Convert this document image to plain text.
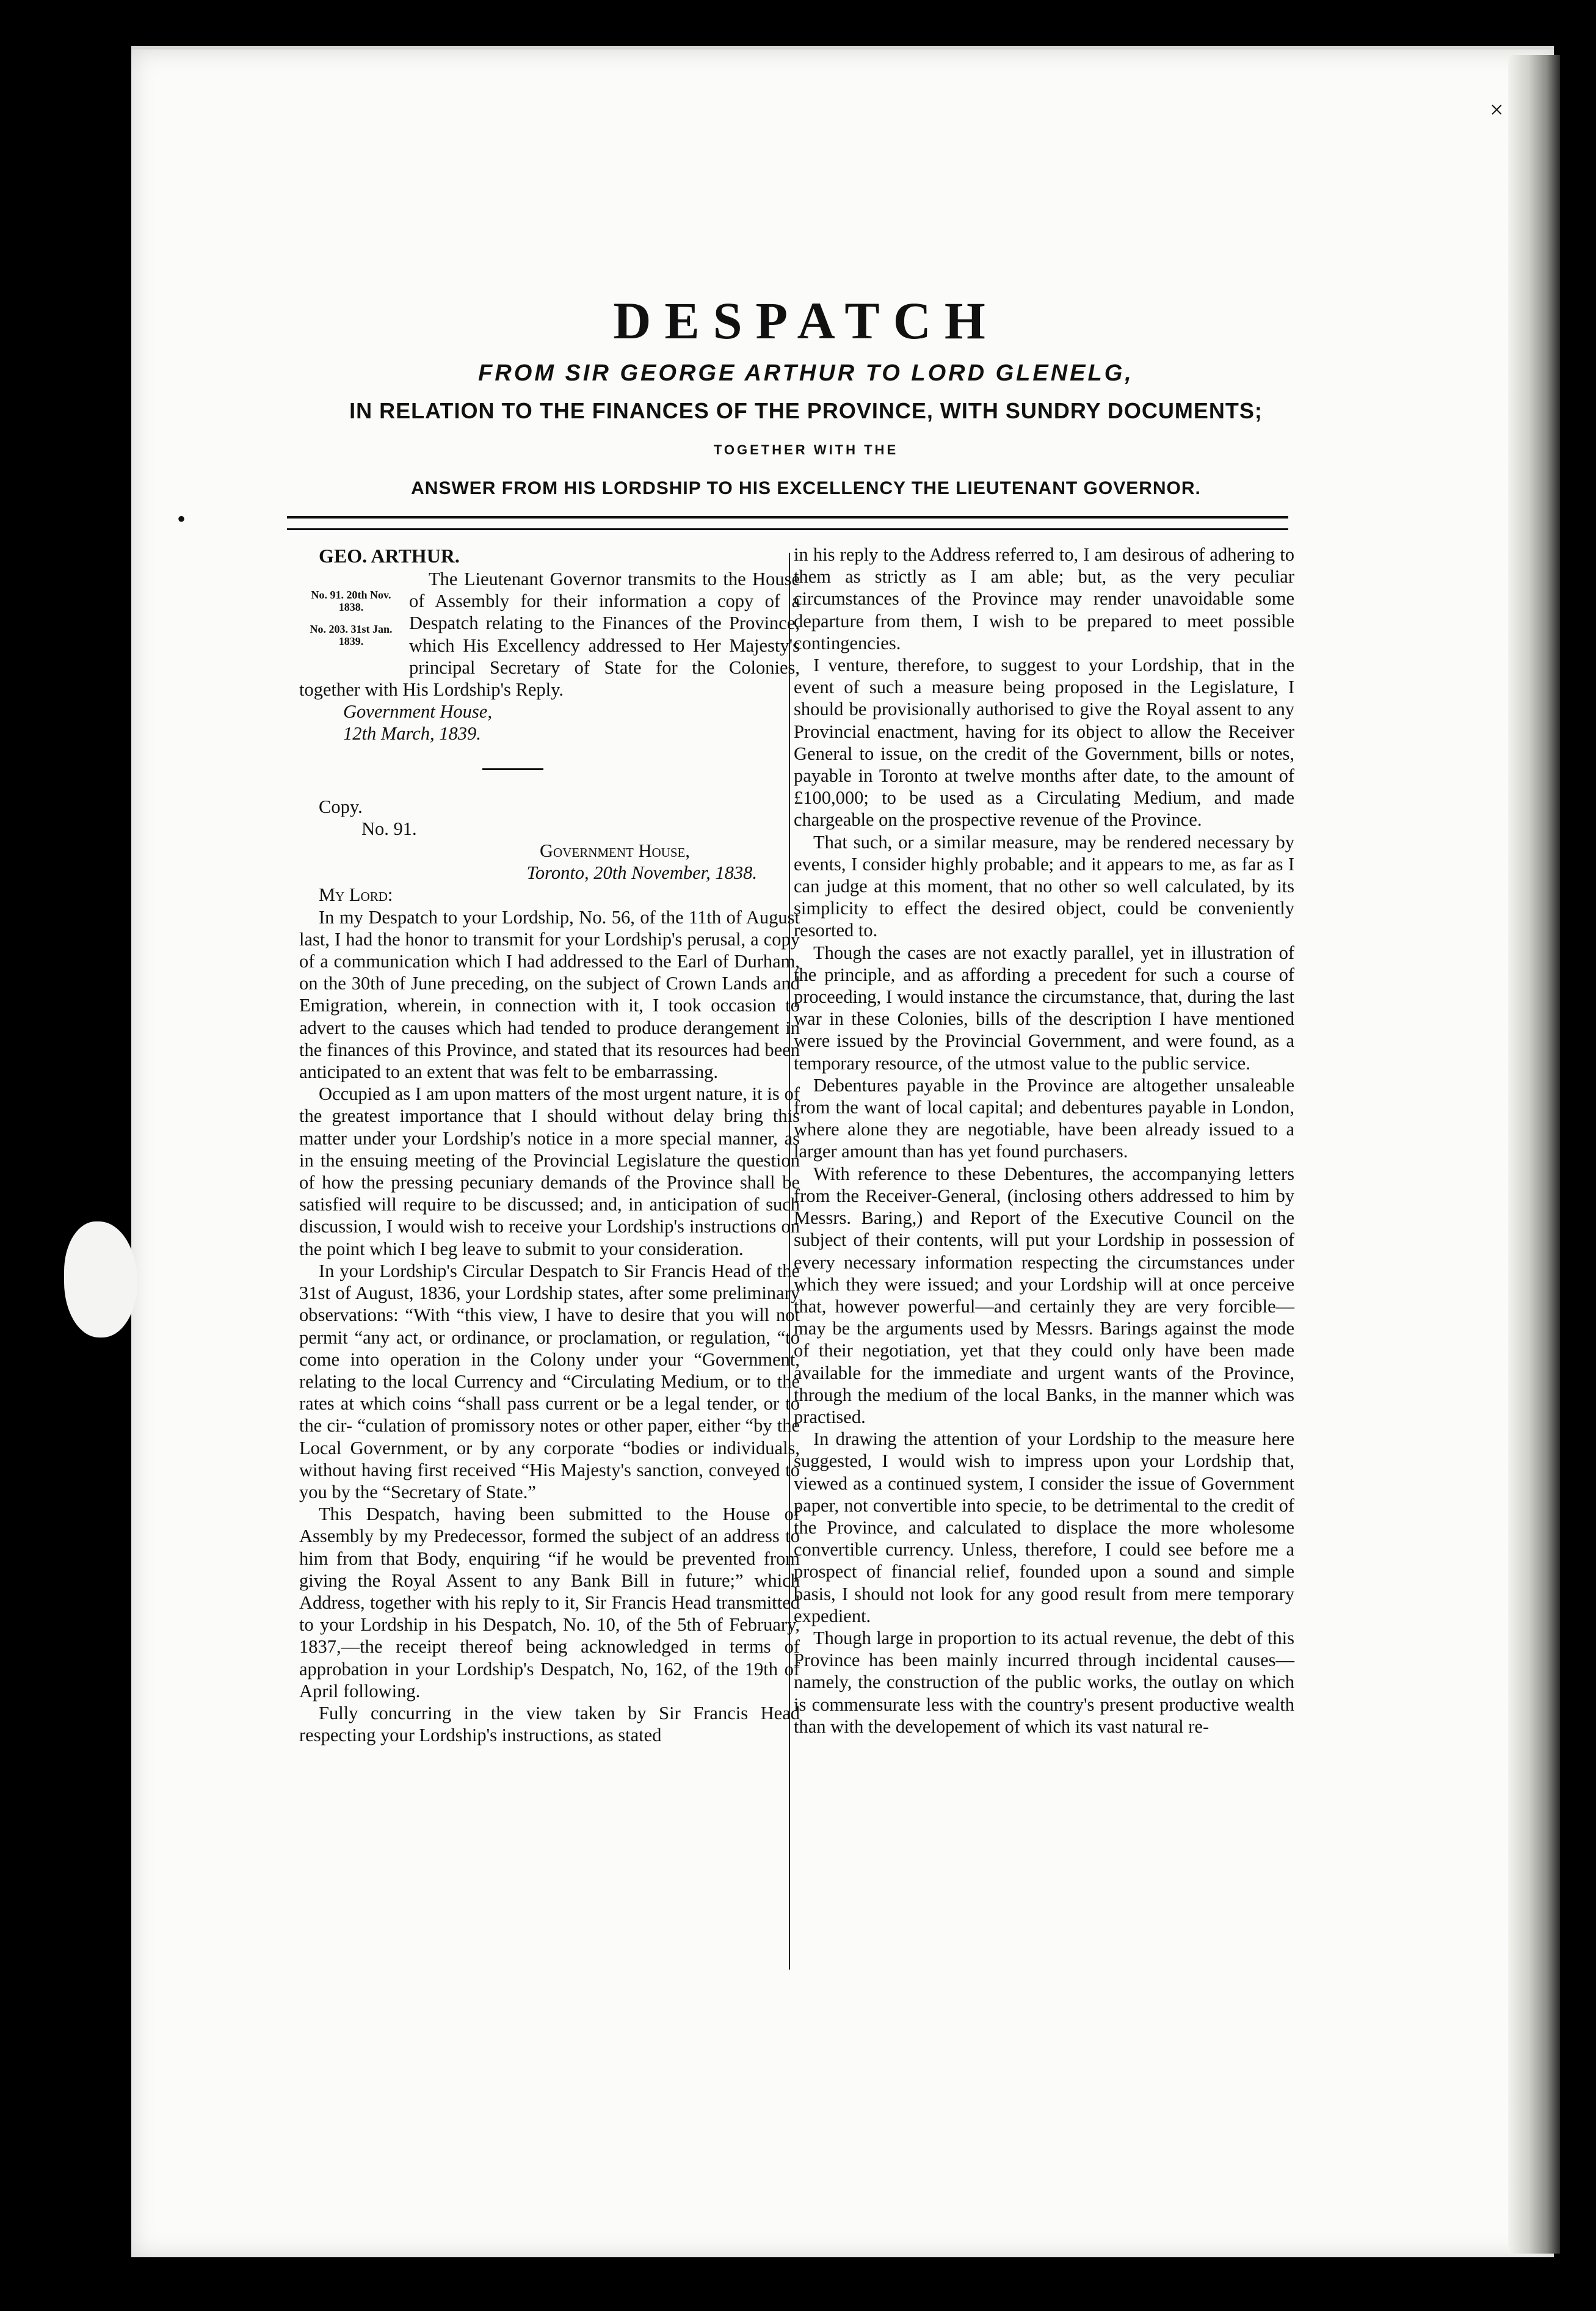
•
×
DESPATCH
FROM SIR GEORGE ARTHUR TO LORD GLENELG,
IN RELATION TO THE FINANCES OF THE PROVINCE, WITH SUNDRY DOCUMENTS;
TOGETHER WITH THE
ANSWER FROM HIS LORDSHIP TO HIS EXCELLENCY THE LIEUTENANT GOVERNOR.

GEO. ARTHUR.

No. 91. 20th Nov. 1838.
No. 203. 31st Jan. 1839.

The Lieutenant Governor transmits to the House of Assembly for their information a copy of a Despatch relating to the Finances of the Province, which His Excellency addressed to Her Majesty's principal Secretary of State for the Colonies, together with His Lordship's Reply.

Government House,

12th March, 1839.

Copy.

No. 91.

Government House,

Toronto, 20th November, 1838.

My Lord:

In my Despatch to your Lordship, No. 56, of the 11th of August last, I had the honor to transmit for your Lordship's perusal, a copy of a communication which I had addressed to the Earl of Durham, on the 30th of June preceding, on the subject of Crown Lands and Emigration, wherein, in connection with it, I took occasion to advert to the causes which had tended to produce derangement in the finances of this Province, and stated that its resources had been anticipated to an extent that was felt to be embarrassing.

Occupied as I am upon matters of the most urgent nature, it is of the greatest importance that I should without delay bring this matter under your Lordship's notice in a more special manner, as in the ensuing meeting of the Provincial Legislature the question of how the pressing pecuniary demands of the Province shall be satisfied will require to be discussed; and, in anticipation of such discussion, I would wish to receive your Lordship's instructions on the point which I beg leave to submit to your consideration.

In your Lordship's Circular Despatch to Sir Francis Head of the 31st of August, 1836, your Lordship states, after some preliminary observations: “With “this view, I have to desire that you will not permit “any act, or ordinance, or proclamation, or regulation, “to come into operation in the Colony under your “Government, relating to the local Currency and “Circulating Medium, or to the rates at which coins “shall pass current or be a legal tender, or to the cir- “culation of promissory notes or other paper, either “by the Local Government, or by any corporate “bodies or individuals, without having first received “His Majesty's sanction, conveyed to you by the “Secretary of State.”

This Despatch, having been submitted to the House of Assembly by my Predecessor, formed the subject of an address to him from that Body, enquiring “if he would be prevented from giving the Royal Assent to any Bank Bill in future;” which Address, together with his reply to it, Sir Francis Head transmitted to your Lordship in his Despatch, No. 10, of the 5th of February, 1837,—the receipt thereof being acknowledged in terms of approbation in your Lordship's Despatch, No, 162, of the 19th of April following.

Fully concurring in the view taken by Sir Francis Head respecting your Lordship's instructions, as stated

in his reply to the Address referred to, I am desirous of adhering to them as strictly as I am able; but, as the very peculiar circumstances of the Province may render unavoidable some departure from them, I wish to be prepared to meet possible contingencies.

I venture, therefore, to suggest to your Lordship, that in the event of such a measure being proposed in the Legislature, I should be provisionally authorised to give the Royal assent to any Provincial enactment, having for its object to allow the Receiver General to issue, on the credit of the Government, bills or notes, payable in Toronto at twelve months after date, to the amount of £100,000; to be used as a Circulating Medium, and made chargeable on the prospective revenue of the Province.

That such, or a similar measure, may be rendered necessary by events, I consider highly probable; and it appears to me, as far as I can judge at this moment, that no other so well calculated, by its simplicity to effect the desired object, could be conveniently resorted to.

Though the cases are not exactly parallel, yet in illustration of the principle, and as affording a precedent for such a course of proceeding, I would instance the circumstance, that, during the last war in these Colonies, bills of the description I have mentioned were issued by the Provincial Government, and were found, as a temporary resource, of the utmost value to the public service.

Debentures payable in the Province are altogether unsaleable from the want of local capital; and debentures payable in London, where alone they are negotiable, have been already issued to a larger amount than has yet found purchasers.

With reference to these Debentures, the accompanying letters from the Receiver-General, (inclosing others addressed to him by Messrs. Baring,) and Report of the Executive Council on the subject of their contents, will put your Lordship in possession of every necessary information respecting the circumstances under which they were issued; and your Lordship will at once perceive that, however powerful—and certainly they are very forcible—may be the arguments used by Messrs. Barings against the mode of their negotiation, yet that they could only have been made available for the immediate and urgent wants of the Province, through the medium of the local Banks, in the manner which was practised.

In drawing the attention of your Lordship to the measure here suggested, I would wish to impress upon your Lordship that, viewed as a continued system, I consider the issue of Government paper, not convertible into specie, to be detrimental to the credit of the Province, and calculated to displace the more wholesome convertible currency. Unless, therefore, I could see before me a prospect of financial relief, founded upon a sound and simple basis, I should not look for any good result from mere temporary expedient.

Though large in proportion to its actual revenue, the debt of this Province has been mainly incurred through incidental causes—namely, the construction of the public works, the outlay on which is commensurate less with the country's present productive wealth than with the developement of which its vast natural re-
